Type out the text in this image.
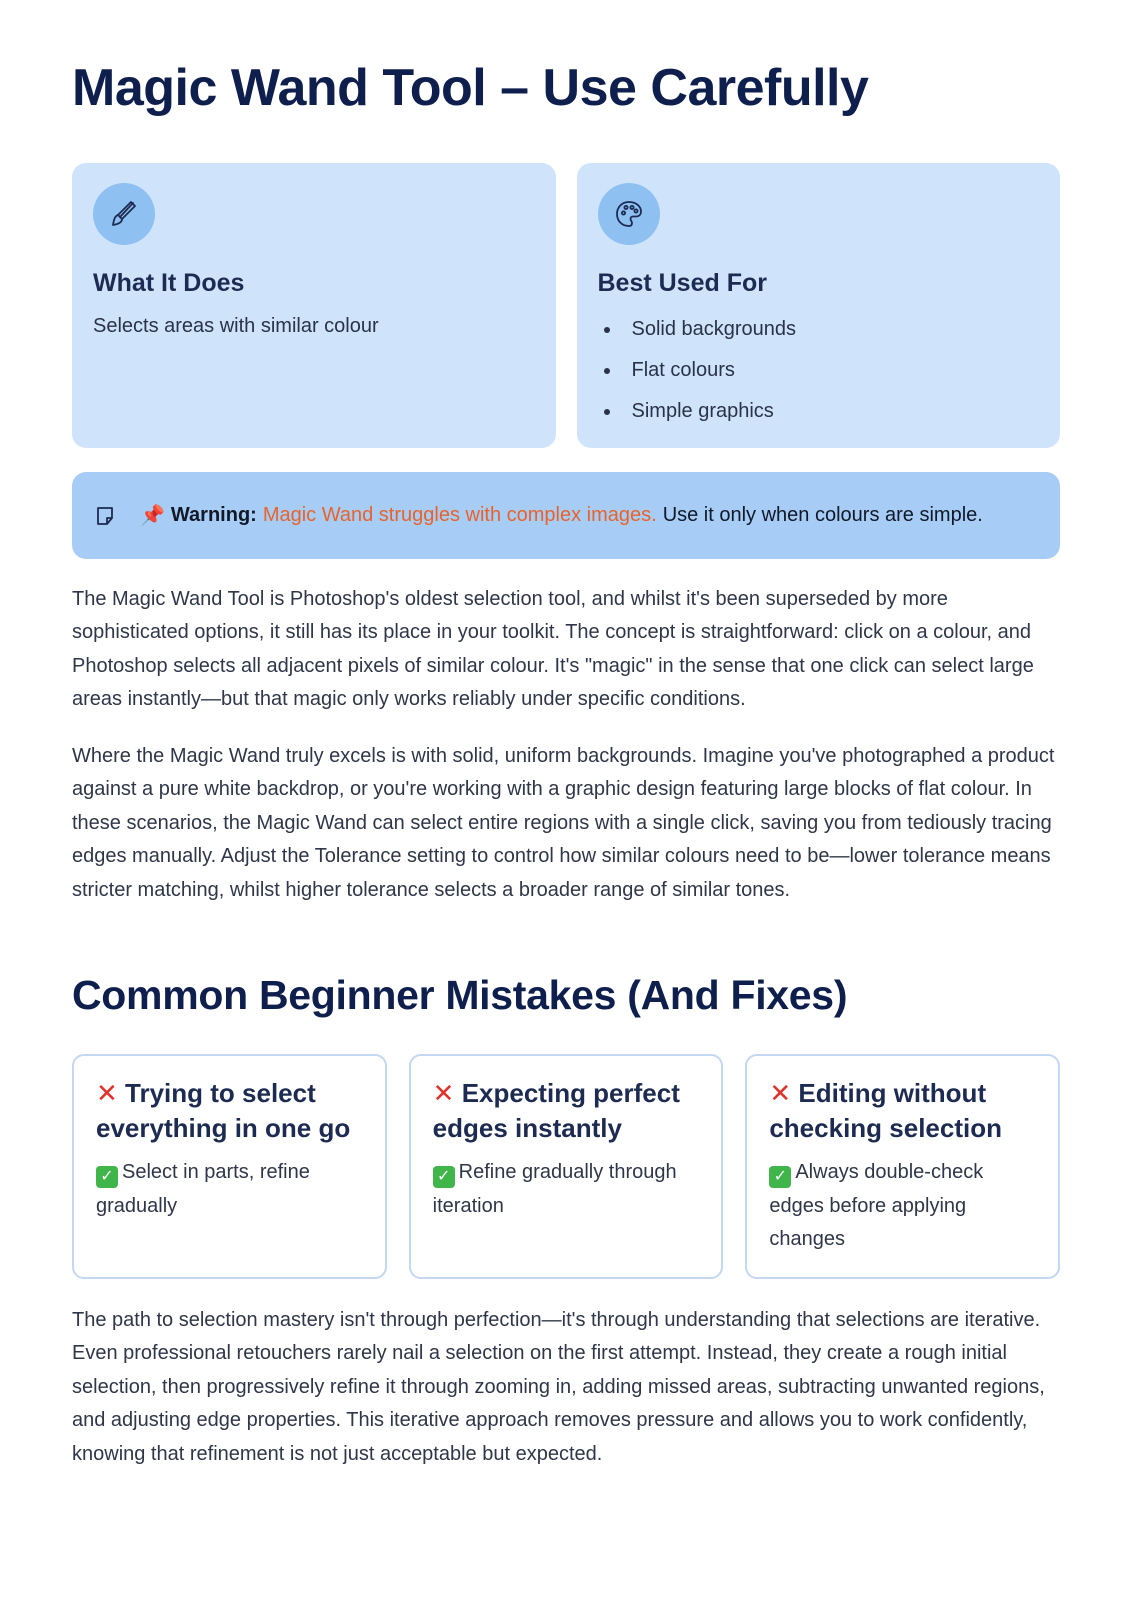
Magic Wand Tool – Use Carefully
What It Does

Selects areas with similar colour

Best Used For
Solid backgrounds
Flat colours
Simple graphics
📌 Warning: Magic Wand struggles with complex images. Use it only when colours are simple.

The Magic Wand Tool is Photoshop's oldest selection tool, and whilst it's been superseded by more sophisticated options, it still has its place in your toolkit. The concept is straightforward: click on a colour, and Photoshop selects all adjacent pixels of similar colour. It's "magic" in the sense that one click can select large areas instantly—but that magic only works reliably under specific conditions.

Where the Magic Wand truly excels is with solid, uniform backgrounds. Imagine you've photographed a product against a pure white backdrop, or you're working with a graphic design featuring large blocks of flat colour. In these scenarios, the Magic Wand can select entire regions with a single click, saving you from tediously tracing edges manually. Adjust the Tolerance setting to control how similar colours need to be—lower tolerance means stricter matching, whilst higher tolerance selects a broader range of similar tones.

Common Beginner Mistakes (And Fixes)
✕ Trying to select everything in one go

✓ Select in parts, refine gradually

✕ Expecting perfect edges instantly

✓ Refine gradually through iteration

✕ Editing without checking selection

✓ Always double-check edges before applying changes

The path to selection mastery isn't through perfection—it's through understanding that selections are iterative. Even professional retouchers rarely nail a selection on the first attempt. Instead, they create a rough initial selection, then progressively refine it through zooming in, adding missed areas, subtracting unwanted regions, and adjusting edge properties. This iterative approach removes pressure and allows you to work confidently, knowing that refinement is not just acceptable but expected.
